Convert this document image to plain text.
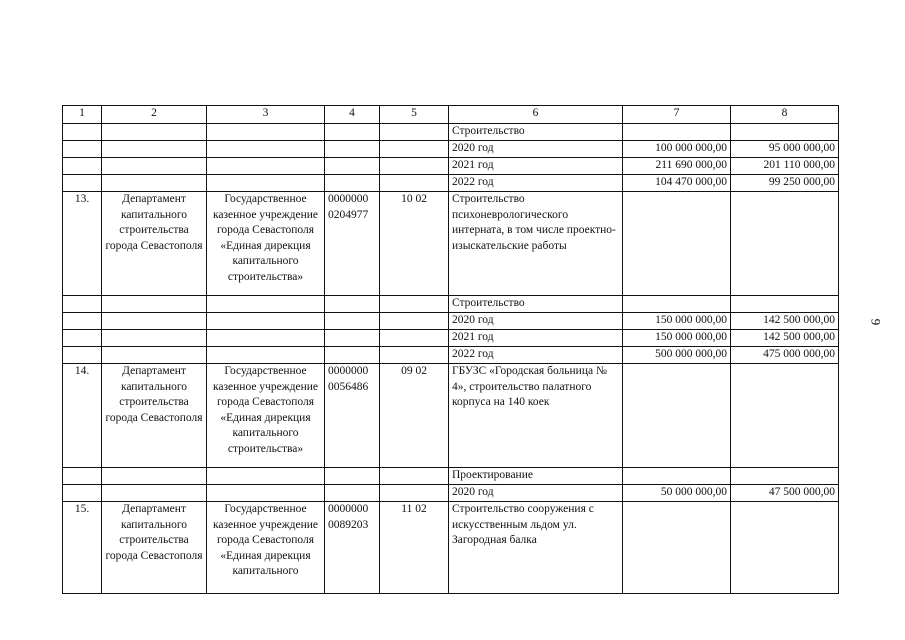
9
1	2	3	4	5	6	7	8
					Строительство		
					2020 год	100 000 000,00	95 000 000,00
					2021 год	211 690 000,00	201 110 000,00
					2022 год	104 470 000,00	99 250 000,00
13.	Департамент капитального строительства города Севастополя	Государственное казенное учреждение города Севастополя «Единая дирекция капитального строительства»	0000000 0204977	10 02	Строительство психоневрологического интерната, в том числе проектно-изыскательские работы		
					Строительство		
					2020 год	150 000 000,00	142 500 000,00
					2021 год	150 000 000,00	142 500 000,00
					2022 год	500 000 000,00	475 000 000,00
14.	Департамент капитального строительства города Севастополя	Государственное казенное учреждение города Севастополя «Единая дирекция капитального строительства»	0000000 0056486	09 02	ГБУЗС «Городская больница № 4», строительство палатного корпуса на 140 коек		
					Проектирование		
					2020 год	50 000 000,00	47 500 000,00
15.	Департамент капитального строительства города Севастополя	Государственное казенное учреждение города Севастополя «Единая дирекция капитального	0000000 0089203	11 02	Строительство сооружения с искусственным льдом ул. Загородная балка		
